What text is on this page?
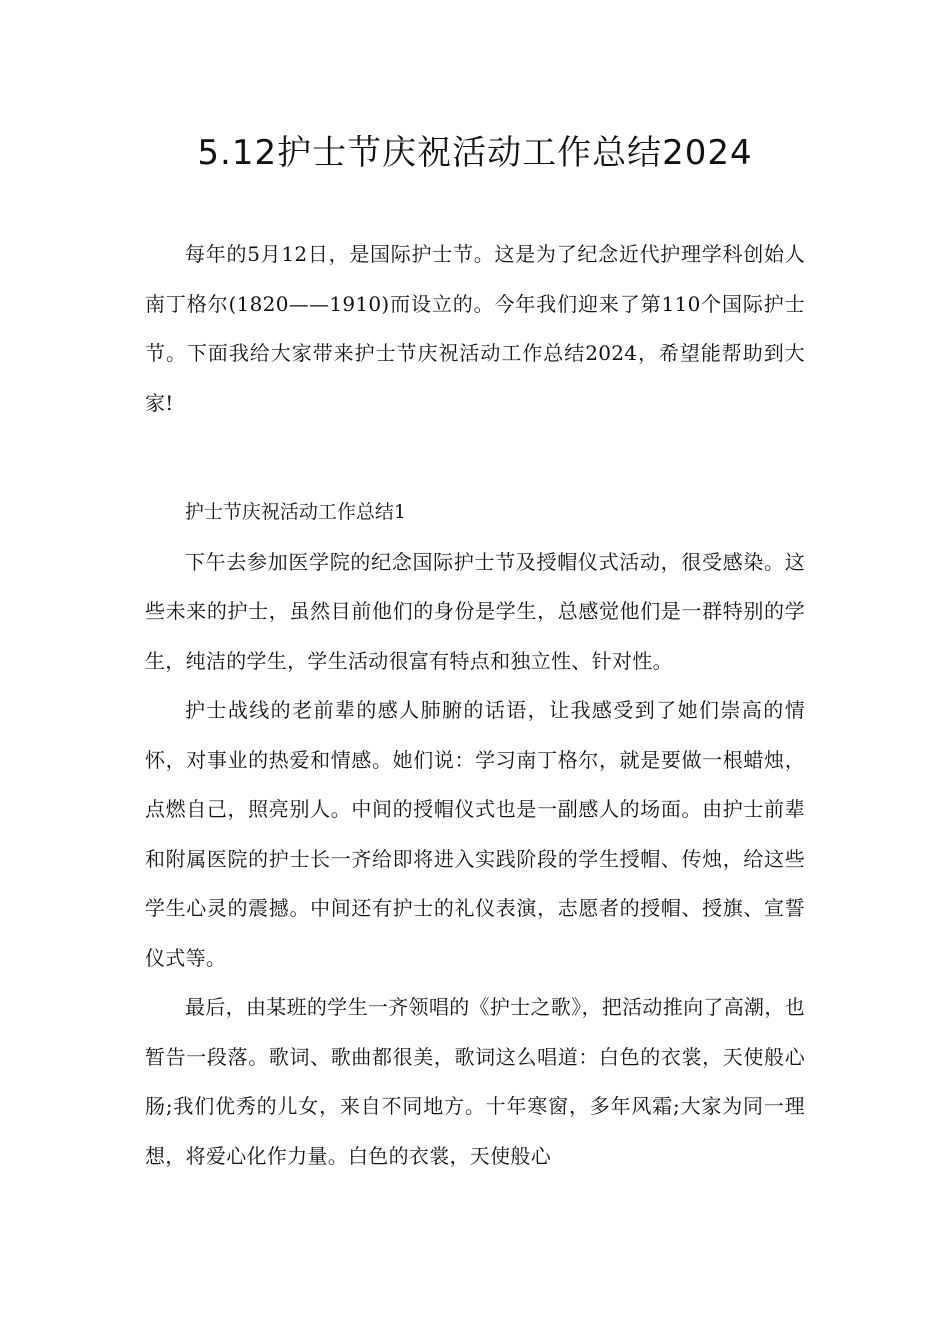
5.12护士节庆祝活动工作总结2024

每年的5月12日，是国际护士节。这是为了纪念近代护理学科创始人南丁格尔(1820——1910)而设立的。今年我们迎来了第110个国际护士节。下面我给大家带来护士节庆祝活动工作总结2024，希望能帮助到大家!

护士节庆祝活动工作总结1

下午去参加医学院的纪念国际护士节及授帽仪式活动，很受感染。这些未来的护士，虽然目前他们的身份是学生，总感觉他们是一群特别的学生，纯洁的学生，学生活动很富有特点和独立性、针对性。

护士战线的老前辈的感人肺腑的话语，让我感受到了她们崇高的情怀，对事业的热爱和情感。她们说：学习南丁格尔，就是要做一根蜡烛，点燃自己，照亮别人。中间的授帽仪式也是一副感人的场面。由护士前辈和附属医院的护士长一齐给即将进入实践阶段的学生授帽、传烛，给这些学生心灵的震撼。中间还有护士的礼仪表演，志愿者的授帽、授旗、宣誓仪式等。

最后，由某班的学生一齐领唱的《护士之歌》，把活动推向了高潮，也暂告一段落。歌词、歌曲都很美，歌词这么唱道：白色的衣裳，天使般心肠;我们优秀的儿女，来自不同地方。十年寒窗，多年风霜;大家为同一理想，将爱心化作力量。白色的衣裳，天使般心
